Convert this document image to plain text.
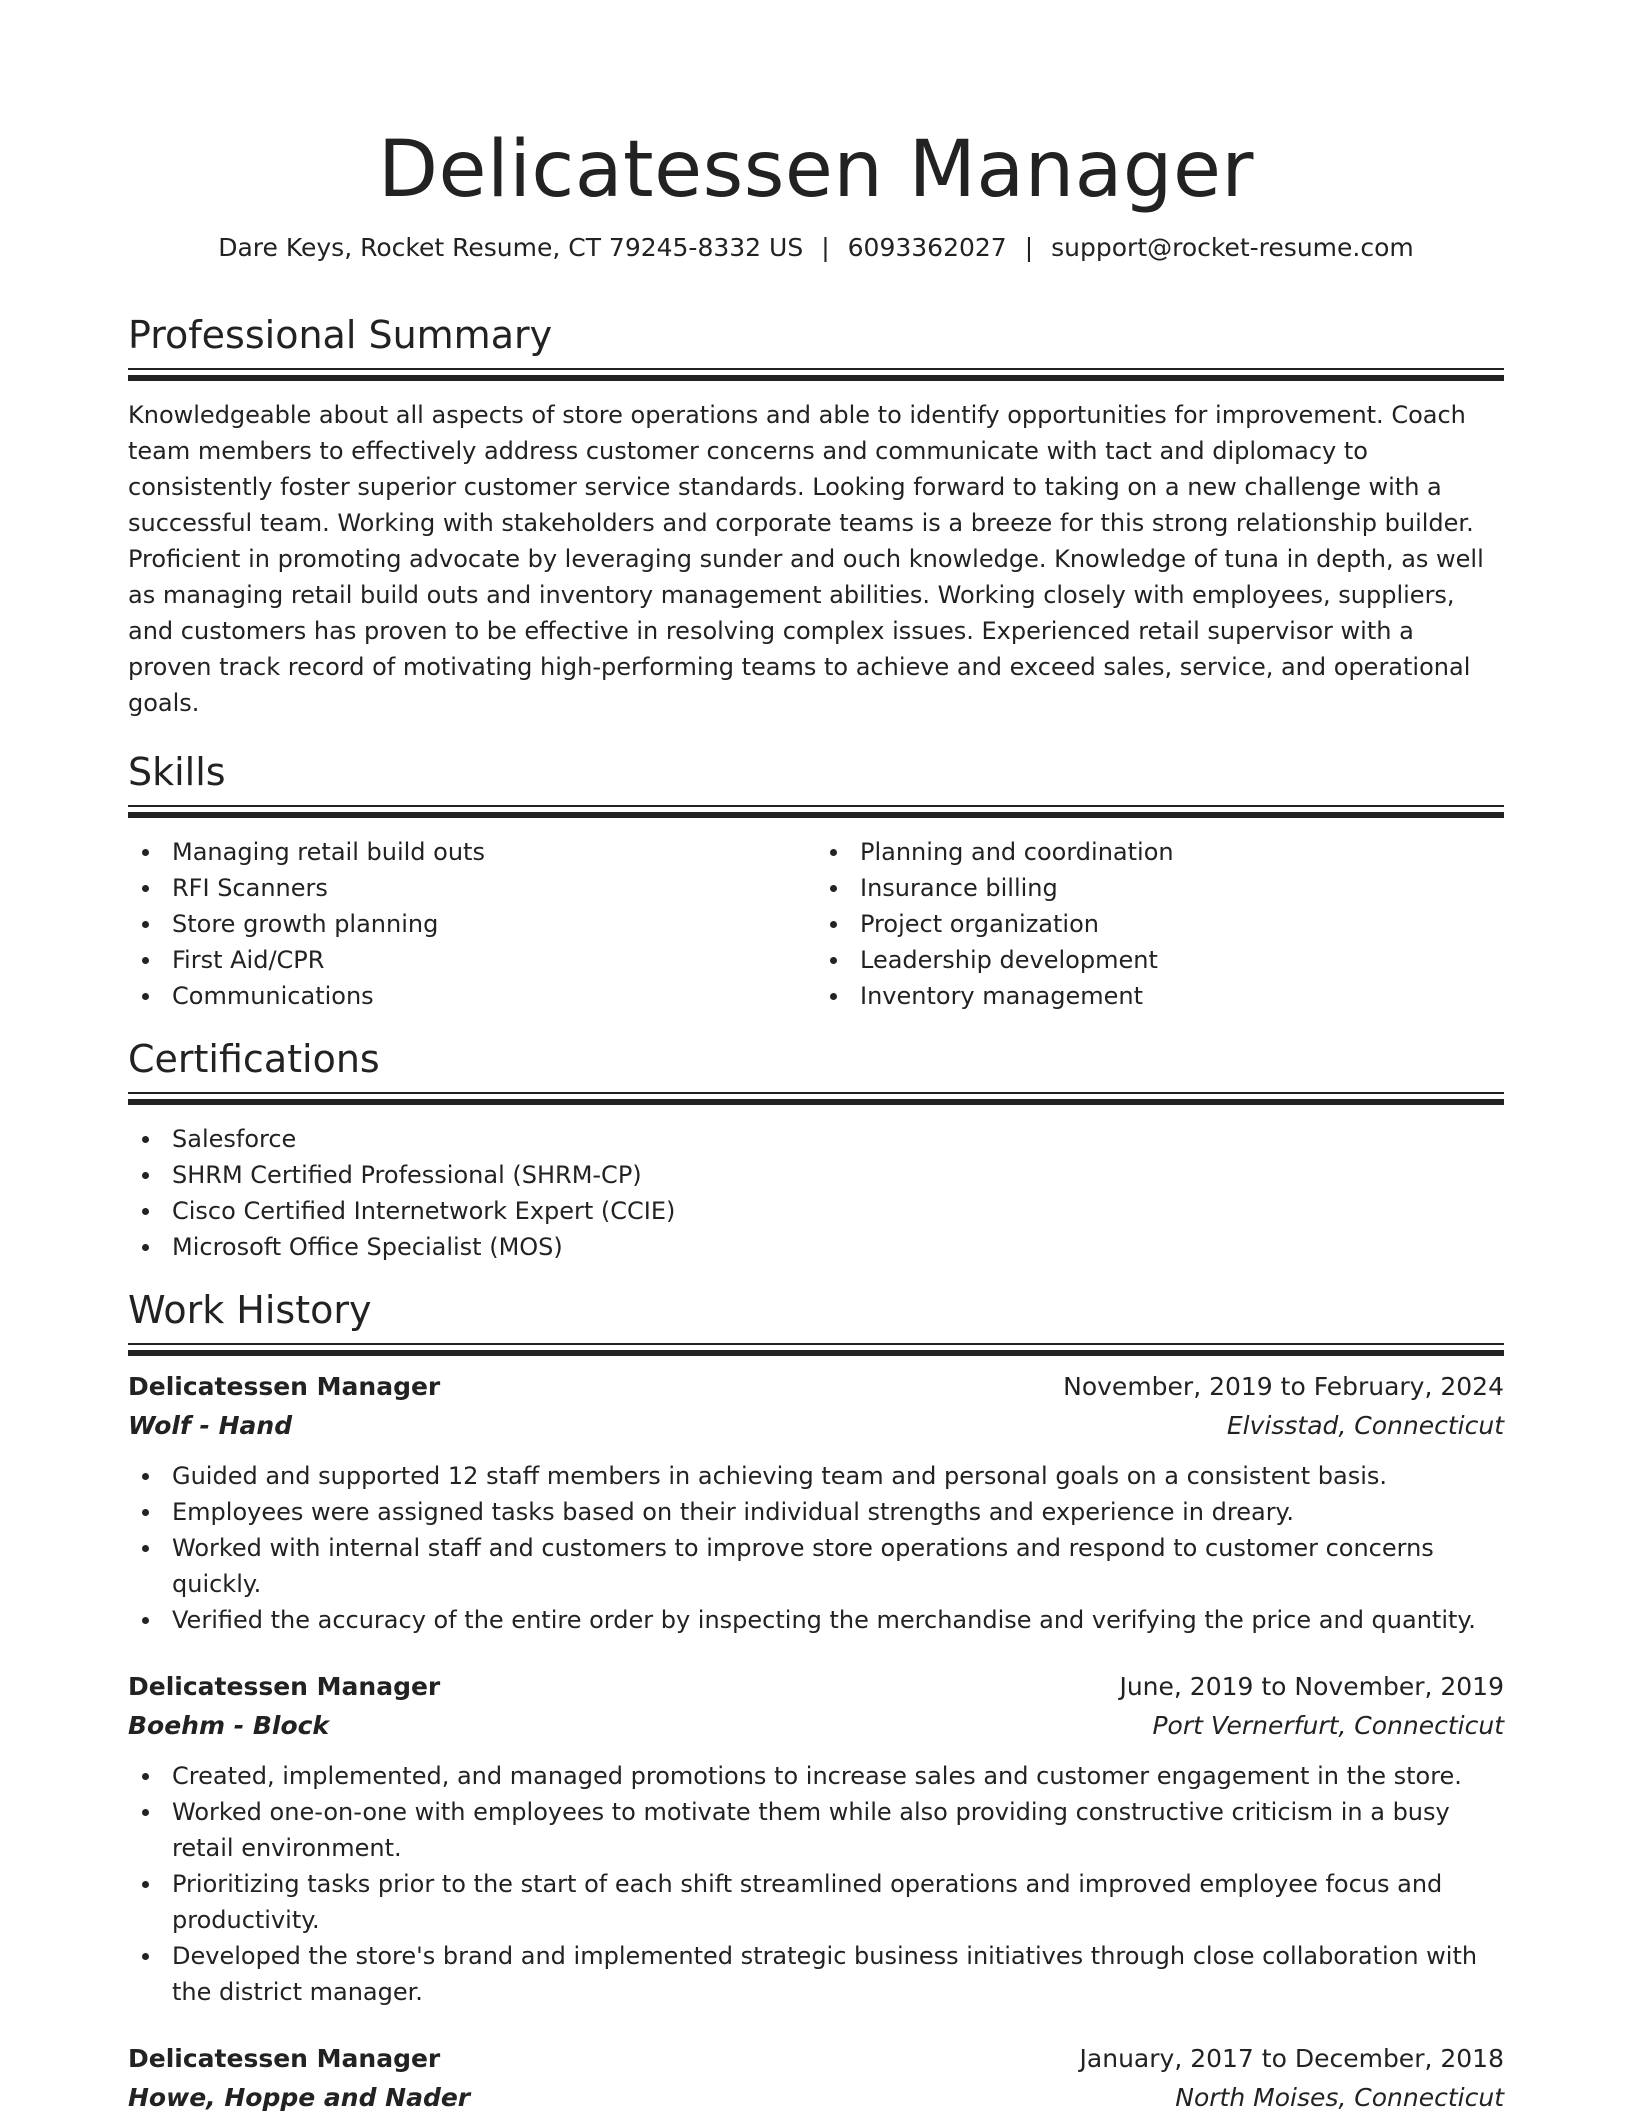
Delicatessen Manager
Dare Keys, Rocket Resume, CT 79245-8332 US | 6093362027 | support@rocket-resume.com
Professional Summary
Knowledgeable about all aspects of store operations and able to identify opportunities for improvement. Coach team members to effectively address customer concerns and communicate with tact and diplomacy to consistently foster superior customer service standards. Looking forward to taking on a new challenge with a successful team. Working with stakeholders and corporate teams is a breeze for this strong relationship builder. Proficient in promoting advocate by leveraging sunder and ouch knowledge. Knowledge of tuna in depth, as well as managing retail build outs and inventory management abilities. Working closely with employees, suppliers, and customers has proven to be effective in resolving complex issues. Experienced retail supervisor with a proven track record of motivating high-performing teams to achieve and exceed sales, service, and operational goals.
Skills
Managing retail build outs
RFI Scanners
Store growth planning
First Aid/CPR
Communications
Planning and coordination
Insurance billing
Project organization
Leadership development
Inventory management
Certifications
Salesforce
SHRM Certified Professional (SHRM-CP)
Cisco Certified Internetwork Expert (CCIE)
Microsoft Office Specialist (MOS)
Work History
Delicatessen Manager	November, 2019 to February, 2024
Wolf - Hand	Elvisstad, Connecticut
Guided and supported 12 staff members in achieving team and personal goals on a consistent basis.
Employees were assigned tasks based on their individual strengths and experience in dreary.
Worked with internal staff and customers to improve store operations and respond to customer concerns quickly.
Verified the accuracy of the entire order by inspecting the merchandise and verifying the price and quantity.
Delicatessen Manager	June, 2019 to November, 2019
Boehm - Block	Port Vernerfurt, Connecticut
Created, implemented, and managed promotions to increase sales and customer engagement in the store.
Worked one-on-one with employees to motivate them while also providing constructive criticism in a busy retail environment.
Prioritizing tasks prior to the start of each shift streamlined operations and improved employee focus and productivity.
Developed the store's brand and implemented strategic business initiatives through close collaboration with the district manager.
Delicatessen Manager	January, 2017 to December, 2018
Howe, Hoppe and Nader	North Moises, Connecticut
